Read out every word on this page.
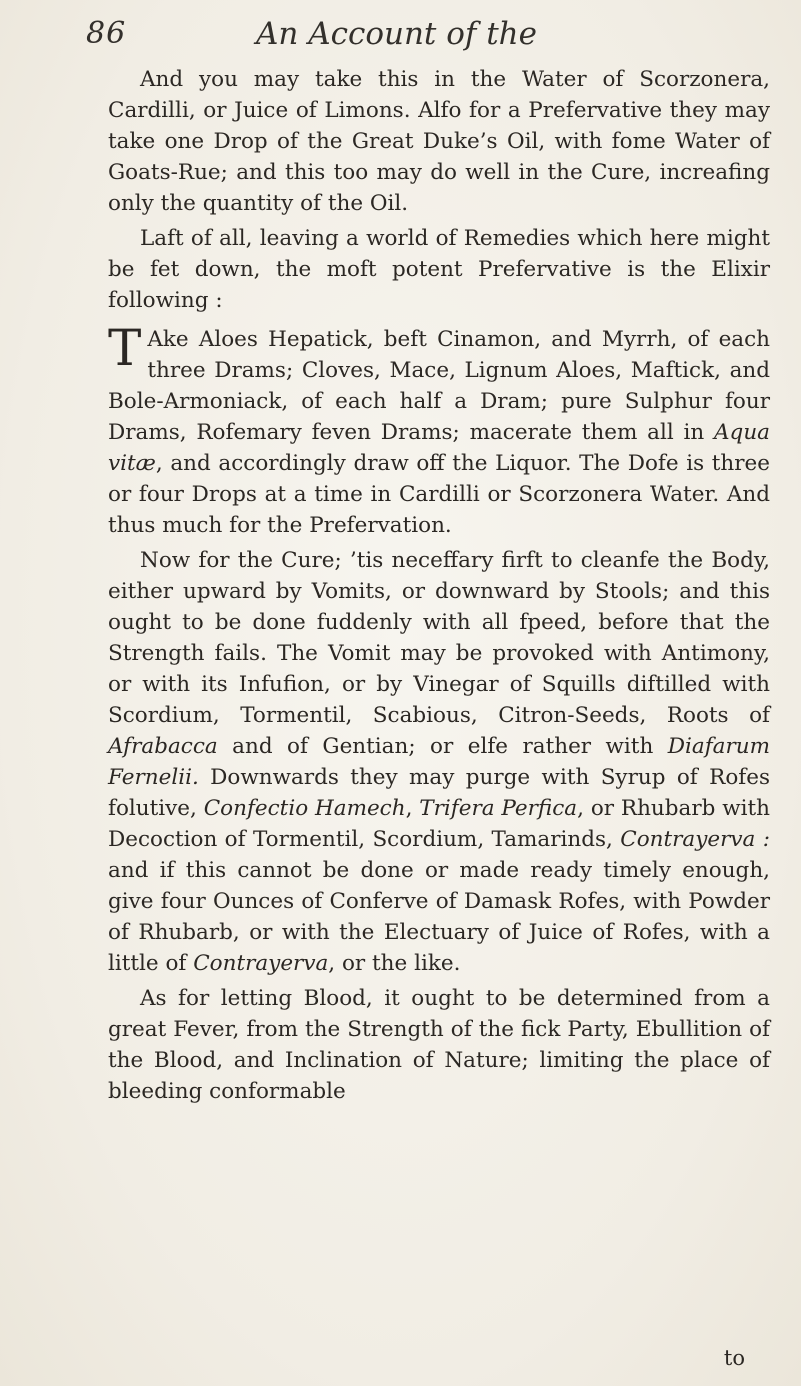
86	An Account of the

And you may take this in the Water of Scorzonera, Cardilli, or Juice of Limons. Alfo for a Prefervative they may take one Drop of the Great Duke’s Oil, with fome Water of Goats-Rue; and this too may do well in the Cure, increafing only the quantity of the Oil.

Laft of all, leaving a world of Remedies which here might be fet down, the moft potent Prefervative is the Elixir following :

T Ake Aloes Hepatick, beft Cinamon, and Myrrh, of each three Drams; Cloves, Mace, Lignum Aloes, Maftick, and Bole-Armoniack, of each half a Dram; pure Sulphur four Drams, Rofemary feven Drams; macerate them all in Aqua vitæ, and accordingly draw off the Liquor. The Dofe is three or four Drops at a time in Cardilli or Scorzonera Water. And thus much for the Prefervation.

Now for the Cure; ’tis neceffary firft to cleanfe the Body, either upward by Vomits, or downward by Stools; and this ought to be done fuddenly with all fpeed, before that the Strength fails. The Vomit may be provoked with Antimony, or with its Infufion, or by Vinegar of Squills diftilled with Scordium, Tormentil, Scabious, Citron-Seeds, Roots of Afrabacca and of Gentian; or elfe rather with Diafarum Fernelii. Downwards they may purge with Syrup of Rofes folutive, Confectio Hamech, Trifera Perfica, or Rhubarb with Decoction of Tormentil, Scordium, Tamarinds, Contrayerva : and if this cannot be done or made ready timely enough, give four Ounces of Conferve of Damask Rofes, with Powder of Rhubarb, or with the Electuary of Juice of Rofes, with a little of Contrayerva, or the like.

As for letting Blood, it ought to be determined from a great Fever, from the Strength of the fick Party, Ebullition of the Blood, and Inclination of Nature; limiting the place of bleeding conformable

to
